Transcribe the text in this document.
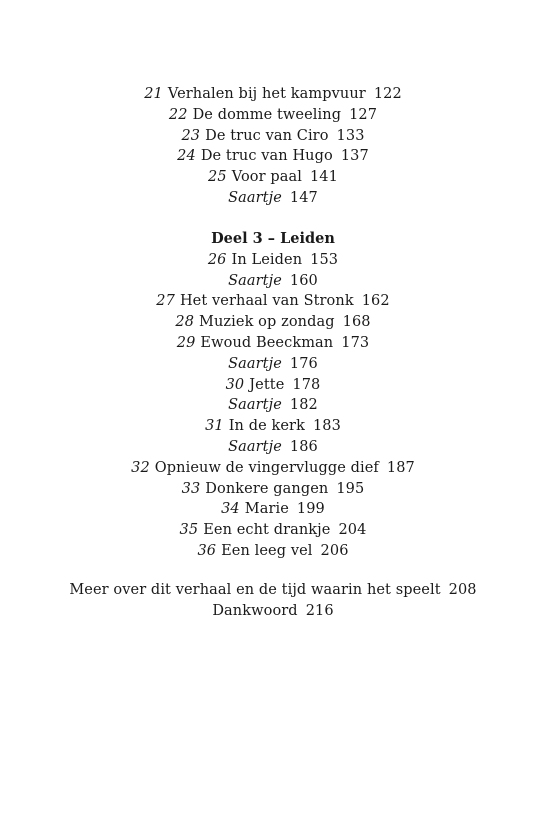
21 Verhalen bij het kampvuur 122
22 De domme tweeling 127
23 De truc van Ciro 133
24 De truc van Hugo 137
25 Voor paal 141
Saartje 147
Deel 3 – Leiden
26 In Leiden 153
Saartje 160
27 Het verhaal van Stronk 162
28 Muziek op zondag 168
29 Ewoud Beeckman 173
Saartje 176
30 Jette 178
Saartje 182
31 In de kerk 183
Saartje 186
32 Opnieuw de vingervlugge dief 187
33 Donkere gangen 195
34 Marie 199
35 Een echt drankje 204
36 Een leeg vel 206
Meer over dit verhaal en de tijd waarin het speelt 208
Dankwoord 216
